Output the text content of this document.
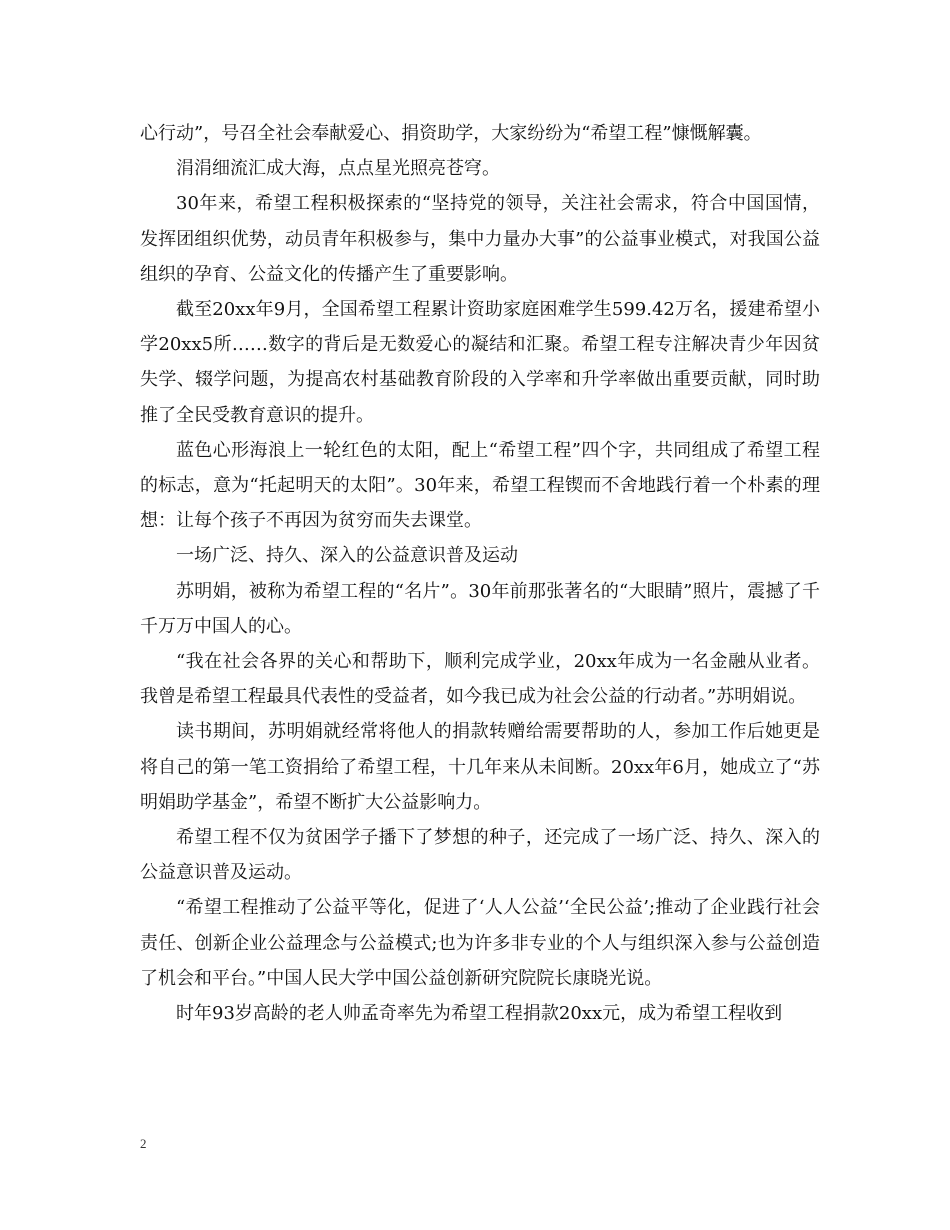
心行动”，号召全社会奉献爱心、捐资助学，大家纷纷为“希望工程”慷慨解囊。

涓涓细流汇成大海，点点星光照亮苍穹。

30年来，希望工程积极探索的“坚持党的领导，关注社会需求，符合中国国情，发挥团组织优势，动员青年积极参与，集中力量办大事”的公益事业模式，对我国公益组织的孕育、公益文化的传播产生了重要影响。

截至20xx年9月，全国希望工程累计资助家庭困难学生599.42万名，援建希望小学20xx5所……数字的背后是无数爱心的凝结和汇聚。希望工程专注解决青少年因贫失学、辍学问题，为提高农村基础教育阶段的入学率和升学率做出重要贡献，同时助推了全民受教育意识的提升。

蓝色心形海浪上一轮红色的太阳，配上“希望工程”四个字，共同组成了希望工程的标志，意为“托起明天的太阳”。30年来，希望工程锲而不舍地践行着一个朴素的理想：让每个孩子不再因为贫穷而失去课堂。

一场广泛、持久、深入的公益意识普及运动

苏明娟，被称为希望工程的“名片”。30年前那张著名的“大眼睛”照片，震撼了千千万万中国人的心。

“我在社会各界的关心和帮助下，顺利完成学业，20xx年成为一名金融从业者。我曾是希望工程最具代表性的受益者，如今我已成为社会公益的行动者。”苏明娟说。

读书期间，苏明娟就经常将他人的捐款转赠给需要帮助的人，参加工作后她更是将自己的第一笔工资捐给了希望工程，十几年来从未间断。20xx年6月，她成立了“苏明娟助学基金”，希望不断扩大公益影响力。

希望工程不仅为贫困学子播下了梦想的种子，还完成了一场广泛、持久、深入的公益意识普及运动。

“希望工程推动了公益平等化，促进了‘人人公益’‘全民公益’;推动了企业践行社会责任、创新企业公益理念与公益模式;也为许多非专业的个人与组织深入参与公益创造了机会和平台。”中国人民大学中国公益创新研究院院长康晓光说。

时年93岁高龄的老人帅孟奇率先为希望工程捐款20xx元，成为希望工程收到

2
